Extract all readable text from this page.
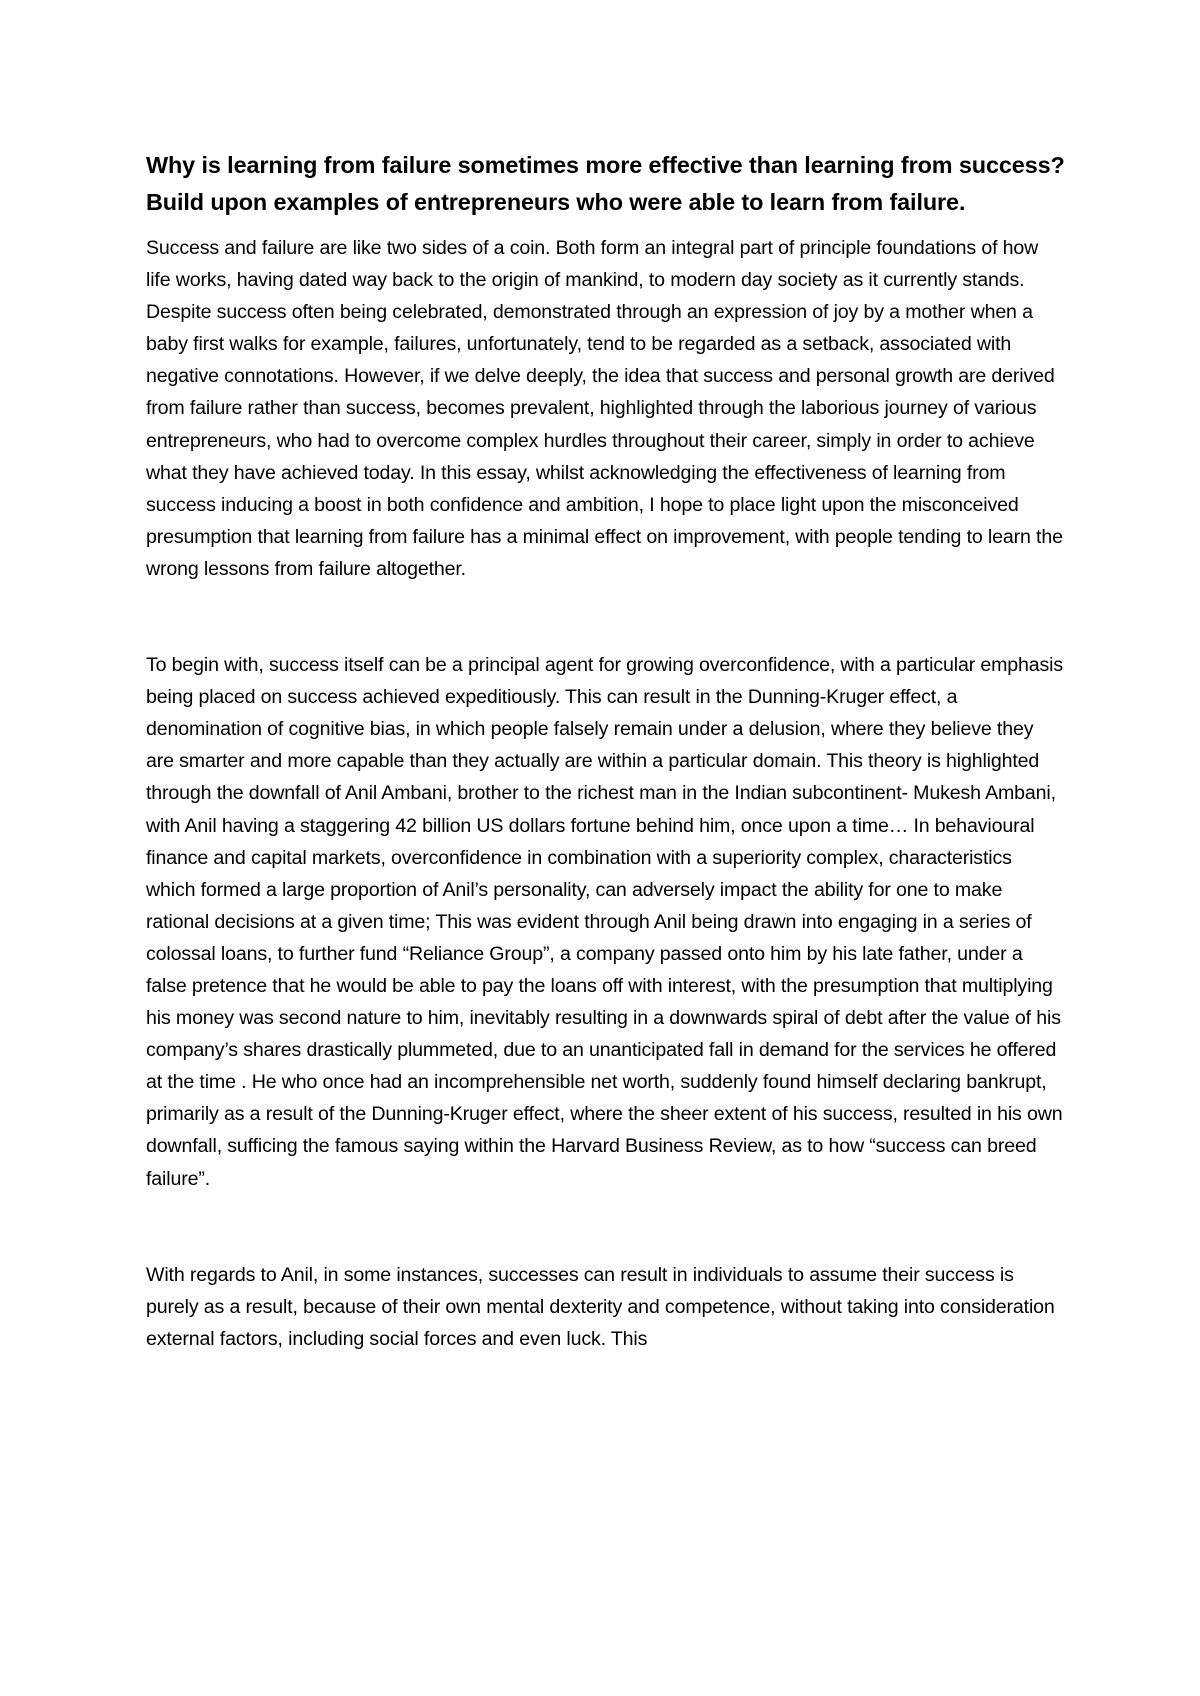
Why is learning from failure sometimes more effective than learning from success? Build upon examples of entrepreneurs who were able to learn from failure.

Success and failure are like two sides of a coin. Both form an integral part of principle foundations of how life works, having dated way back to the origin of mankind, to modern day society as it currently stands. Despite success often being celebrated, demonstrated through an expression of joy by a mother when a baby first walks for example, failures, unfortunately, tend to be regarded as a setback, associated with negative connotations. However, if we delve deeply, the idea that success and personal growth are derived from failure rather than success, becomes prevalent, highlighted through the laborious journey of various entrepreneurs, who had to overcome complex hurdles throughout their career, simply in order to achieve what they have achieved today. In this essay, whilst acknowledging the effectiveness of learning from success inducing a boost in both confidence and ambition, I hope to place light upon the misconceived presumption that learning from failure has a minimal effect on improvement, with people tending to learn the wrong lessons from failure altogether.

To begin with, success itself can be a principal agent for growing overconfidence, with a particular emphasis being placed on success achieved expeditiously. This can result in the Dunning-Kruger effect, a denomination of cognitive bias, in which people falsely remain under a delusion, where they believe they are smarter and more capable than they actually are within a particular domain. This theory is highlighted through the downfall of Anil Ambani, brother to the richest man in the Indian subcontinent- Mukesh Ambani, with Anil having a staggering 42 billion US dollars fortune behind him, once upon a time… In behavioural finance and capital markets, overconfidence in combination with a superiority complex, characteristics which formed a large proportion of Anil’s personality, can adversely impact the ability for one to make rational decisions at a given time; This was evident through Anil being drawn into engaging in a series of colossal loans, to further fund “Reliance Group”, a company passed onto him by his late father, under a false pretence that he would be able to pay the loans off with interest, with the presumption that multiplying his money was second nature to him, inevitably resulting in a downwards spiral of debt after the value of his company’s shares drastically plummeted, due to an unanticipated fall in demand for the services he offered at the time . He who once had an incomprehensible net worth, suddenly found himself declaring bankrupt, primarily as a result of the Dunning-Kruger effect, where the sheer extent of his success, resulted in his own downfall, sufficing the famous saying within the Harvard Business Review, as to how “success can breed failure”.

With regards to Anil, in some instances, successes can result in individuals to assume their success is purely as a result, because of their own mental dexterity and competence, without taking into consideration external factors, including social forces and even luck. This
